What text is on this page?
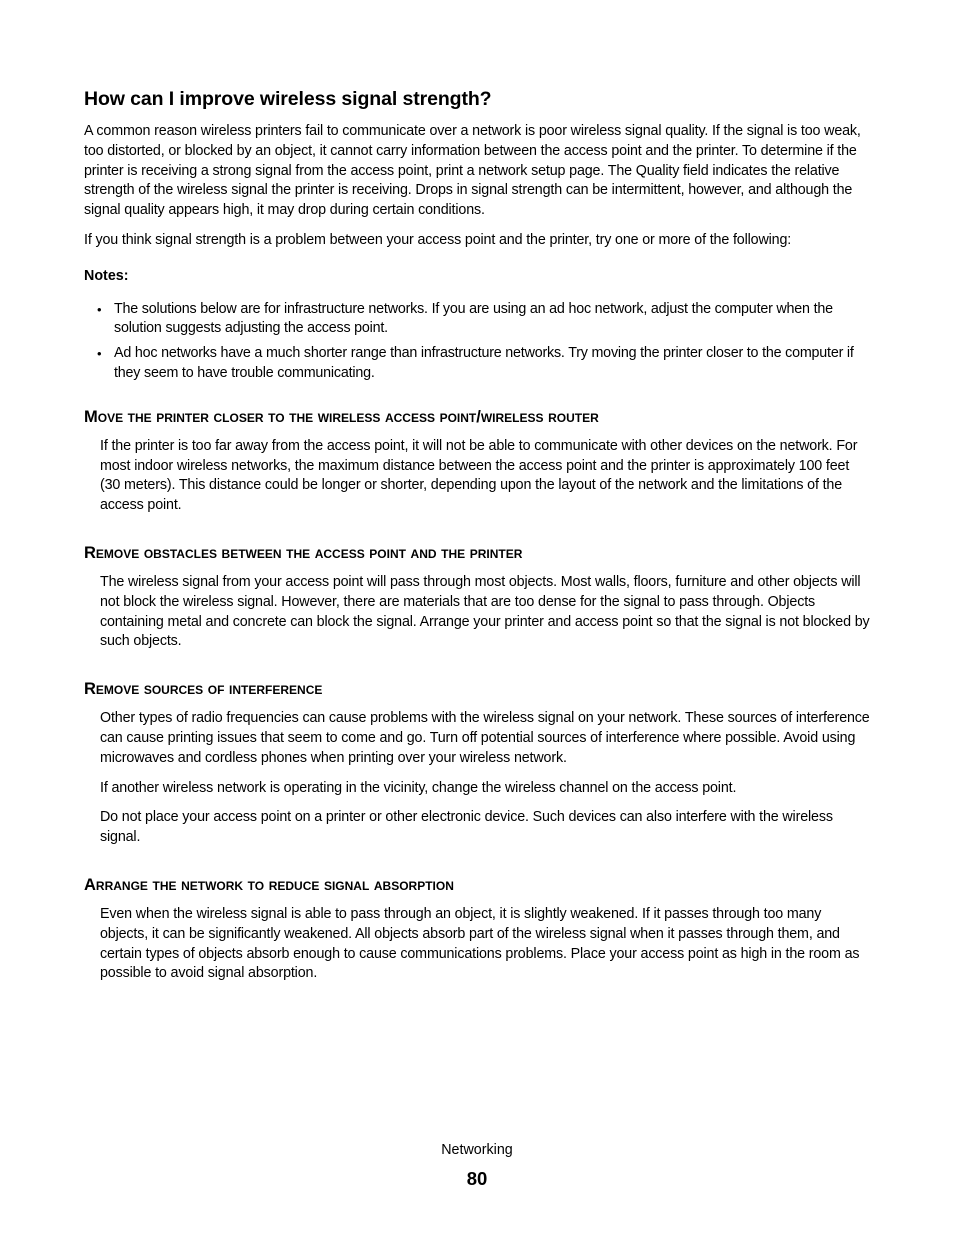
How can I improve wireless signal strength?

A common reason wireless printers fail to communicate over a network is poor wireless signal quality. If the signal is too weak, too distorted, or blocked by an object, it cannot carry information between the access point and the printer. To determine if the printer is receiving a strong signal from the access point, print a network setup page. The Quality field indicates the relative strength of the wireless signal the printer is receiving. Drops in signal strength can be intermittent, however, and although the signal quality appears high, it may drop during certain conditions.

If you think signal strength is a problem between your access point and the printer, try one or more of the following:

Notes:
• The solutions below are for infrastructure networks. If you are using an ad hoc network, adjust the computer when the solution suggests adjusting the access point.
• Ad hoc networks have a much shorter range than infrastructure networks. Try moving the printer closer to the computer if they seem to have trouble communicating.
Move the printer closer to the wireless access point/wireless router

If the printer is too far away from the access point, it will not be able to communicate with other devices on the network. For most indoor wireless networks, the maximum distance between the access point and the printer is approximately 100 feet (30 meters). This distance could be longer or shorter, depending upon the layout of the network and the limitations of the access point.

Remove obstacles between the access point and the printer

The wireless signal from your access point will pass through most objects. Most walls, floors, furniture and other objects will not block the wireless signal. However, there are materials that are too dense for the signal to pass through. Objects containing metal and concrete can block the signal. Arrange your printer and access point so that the signal is not blocked by such objects.

Remove sources of interference

Other types of radio frequencies can cause problems with the wireless signal on your network. These sources of interference can cause printing issues that seem to come and go. Turn off potential sources of interference where possible. Avoid using microwaves and cordless phones when printing over your wireless network.

If another wireless network is operating in the vicinity, change the wireless channel on the access point.

Do not place your access point on a printer or other electronic device. Such devices can also interfere with the wireless signal.

Arrange the network to reduce signal absorption

Even when the wireless signal is able to pass through an object, it is slightly weakened. If it passes through too many objects, it can be significantly weakened. All objects absorb part of the wireless signal when it passes through them, and certain types of objects absorb enough to cause communications problems. Place your access point as high in the room as possible to avoid signal absorption.

Networking
80
